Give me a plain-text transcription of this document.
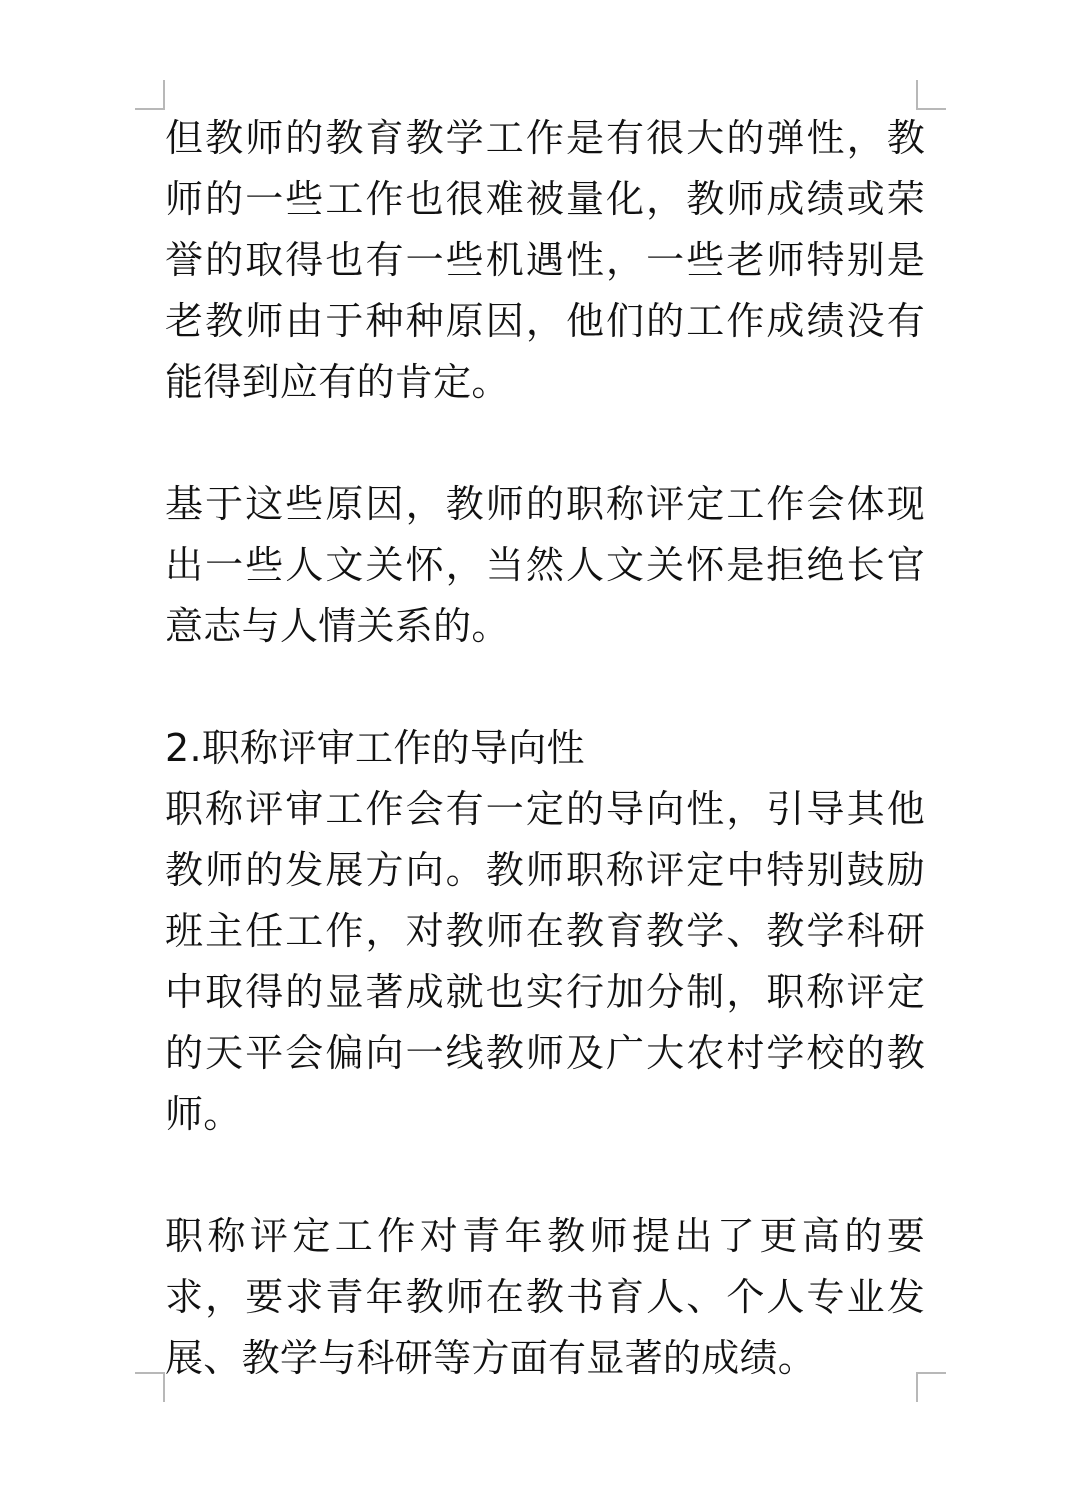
但教师的教育教学工作是有很大的弹性，教师的一些工作也很难被量化，教师成绩或荣誉的取得也有一些机遇性，一些老师特别是老教师由于种种原因，他们的工作成绩没有能得到应有的肯定。

基于这些原因，教师的职称评定工作会体现出一些人文关怀，当然人文关怀是拒绝长官意志与人情关系的。

2.职称评审工作的导向性

职称评审工作会有一定的导向性，引导其他教师的发展方向。教师职称评定中特别鼓励班主任工作，对教师在教育教学、教学科研中取得的显著成就也实行加分制，职称评定的天平会偏向一线教师及广大农村学校的教师。

职称评定工作对青年教师提出了更高的要求，要求青年教师在教书育人、个人专业发展、教学与科研等方面有显著的成绩。
